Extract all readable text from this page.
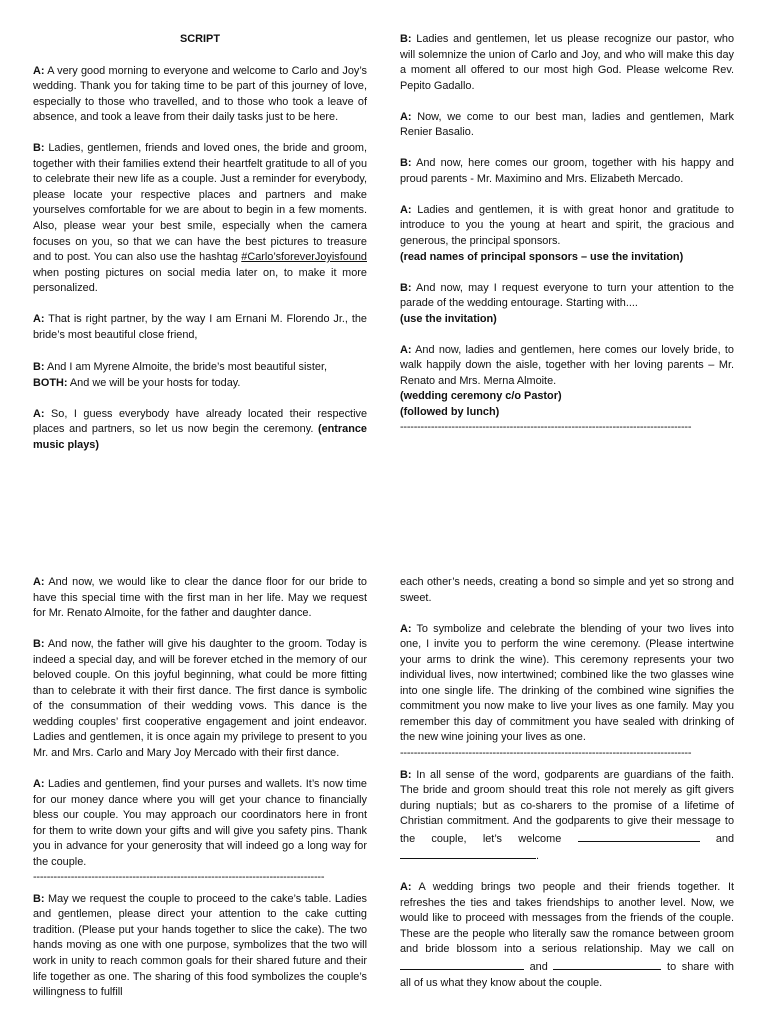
SCRIPT

A: A very good morning to everyone and welcome to Carlo and Joy’s wedding. Thank you for taking time to be part of this journey of love, especially to those who travelled, and to those who took a leave of absence, and took a leave from their daily tasks just to be here.

B: Ladies, gentlemen, friends and loved ones, the bride and groom, together with their families extend their heartfelt gratitude to all of you to celebrate their new life as a couple. Just a reminder for everybody, please locate your respective places and partners and make yourselves comfortable for we are about to begin in a few moments. Also, please wear your best smile, especially when the camera focuses on you, so that we can have the best pictures to treasure and to post. You can also use the hashtag #Carlo’sforeverJoyisfound when posting pictures on social media later on, to make it more personalized.

A: That is right partner, by the way I am Ernani M. Florendo Jr., the bride’s most beautiful close friend,

B: And I am Myrene Almoite, the bride’s most beautiful sister,
BOTH: And we will be your hosts for today.

A: So, I guess everybody have already located their respective places and partners, so let us now begin the ceremony. (entrance music plays)

B: Ladies and gentlemen, let us please recognize our pastor, who will solemnize the union of Carlo and Joy, and who will make this day a moment all offered to our most high God. Please welcome Rev. Pepito Gadallo.

A: Now, we come to our best man, ladies and gentlemen, Mark Renier Basalio.

B: And now, here comes our groom, together with his happy and proud parents - Mr. Maximino and Mrs. Elizabeth Mercado.

A: Ladies and gentlemen, it is with great honor and gratitude to introduce to you the young at heart and spirit, the gracious and generous, the principal sponsors.
(read names of principal sponsors – use the invitation)

B: And now, may I request everyone to turn your attention to the parade of the wedding entourage. Starting with....
(use the invitation)

A: And now, ladies and gentlemen, here comes our lovely bride, to walk happily down the aisle, together with her loving parents – Mr. Renato and Mrs. Merna Almoite.
(wedding ceremony c/o Pastor)
(followed by lunch)

-------------------------------------------------------------------------------------

A: And now, we would like to clear the dance floor for our bride to have this special time with the first man in her life. May we request for Mr. Renato Almoite, for the father and daughter dance.

B: And now, the father will give his daughter to the groom. Today is indeed a special day, and will be forever etched in the memory of our beloved couple. On this joyful beginning, what could be more fitting than to celebrate it with their first dance. The first dance is symbolic of the consummation of their wedding vows. This dance is the wedding couples’ first cooperative engagement and joint endeavor. Ladies and gentlemen, it is once again my privilege to present to you Mr. and Mrs. Carlo and Mary Joy Mercado with their first dance.

A: Ladies and gentlemen, find your purses and wallets. It’s now time for our money dance where you will get your chance to financially bless our couple. You may approach our coordinators here in front for them to write down your gifts and will give you safety pins. Thank you in advance for your generosity that will indeed go a long way for the couple.

-------------------------------------------------------------------------------------

B: May we request the couple to proceed to the cake’s table. Ladies and gentlemen, please direct your attention to the cake cutting tradition. (Please put your hands together to slice the cake). The two hands moving as one with one purpose, symbolizes that the two will work in unity to reach common goals for their shared future and their life together as one. The sharing of this food symbolizes the couple’s willingness to fulfill

each other’s needs, creating a bond so simple and yet so strong and sweet.

A: To symbolize and celebrate the blending of your two lives into one, I invite you to perform the wine ceremony. (Please intertwine your arms to drink the wine). This ceremony represents your two individual lives, now intertwined; combined like the two glasses wine into one single life. The drinking of the combined wine signifies the commitment you now make to live your lives as one family. May you remember this day of commitment you have sealed with drinking of the new wine joining your lives as one.

-------------------------------------------------------------------------------------

B: In all sense of the word, godparents are guardians of the faith. The bride and groom should treat this role not merely as gift givers during nuptials; but as co-sharers to the promise of a lifetime of Christian commitment. And the godparents to give their message to the couple, let’s welcome	and .

A: A wedding brings two people and their friends together. It refreshes the ties and takes friendships to another level. Now, we would like to proceed with messages from the friends of the couple. These are the people who literally saw the romance between groom and bride blossom into a serious relationship. May we call on  and	to share with all of us what they know about the couple.
